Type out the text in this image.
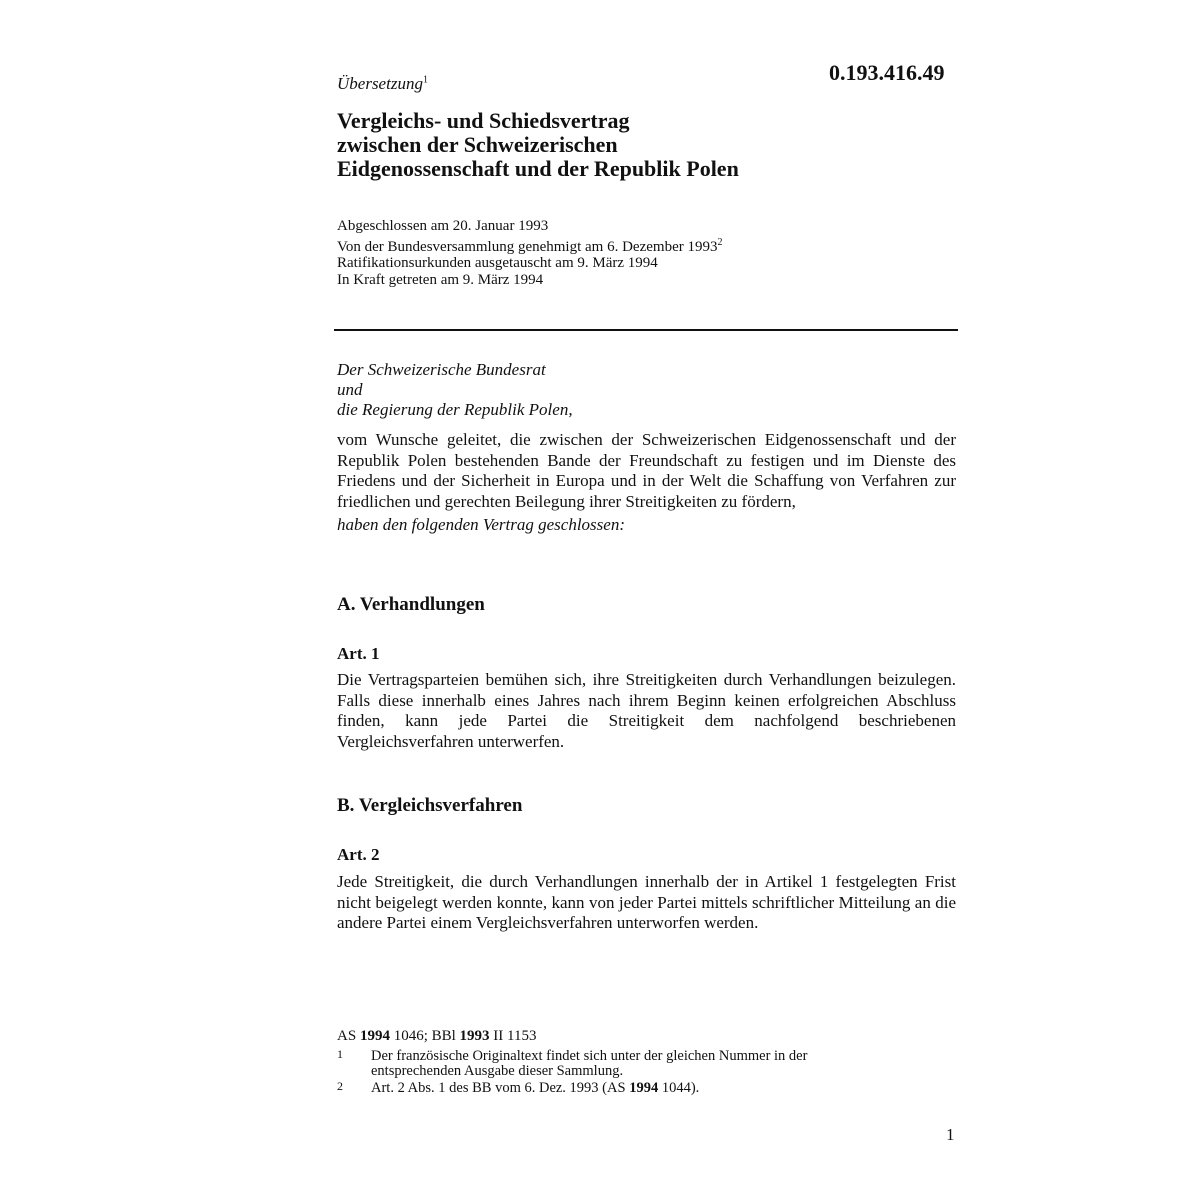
0.193.416.49
Übersetzung$^1$
Vergleichs- und Schiedsvertrag
zwischen der Schweizerischen
Eidgenossenschaft und der Republik Polen
Abgeschlossen am 20. Januar 1993
Von der Bundesversammlung genehmigt am 6. Dezember 1993$^2$
Ratifikationsurkunden ausgetauscht am 9. März 1994
In Kraft getreten am 9. März 1994
Der Schweizerische Bundesrat
und
die Regierung der Republik Polen,
vom Wunsche geleitet, die zwischen der Schweizerischen Eidgenossenschaft und der Republik Polen bestehenden Bande der Freundschaft zu festigen und im Dienste des Friedens und der Sicherheit in Europa und in der Welt die Schaffung von Verfahren zur friedlichen und gerechten Beilegung ihrer Streitigkeiten zu fördern,
haben den folgenden Vertrag geschlossen:
A. Verhandlungen
Art. 1
Die Vertragsparteien bemühen sich, ihre Streitigkeiten durch Verhandlungen beizulegen. Falls diese innerhalb eines Jahres nach ihrem Beginn keinen erfolgreichen Abschluss finden, kann jede Partei die Streitigkeit dem nachfolgend beschriebenen Vergleichsverfahren unterwerfen.
B. Vergleichsverfahren
Art. 2
Jede Streitigkeit, die durch Verhandlungen innerhalb der in Artikel 1 festgelegten Frist nicht beigelegt werden konnte, kann von jeder Partei mittels schriftlicher Mitteilung an die andere Partei einem Vergleichsverfahren unterworfen werden.
AS 1994 1046; BBl 1993 II 1153
1 Der französische Originaltext findet sich unter der gleichen Nummer in der entsprechenden Ausgabe dieser Sammlung.
2 Art. 2 Abs. 1 des BB vom 6. Dez. 1993 (AS 1994 1044).
1
